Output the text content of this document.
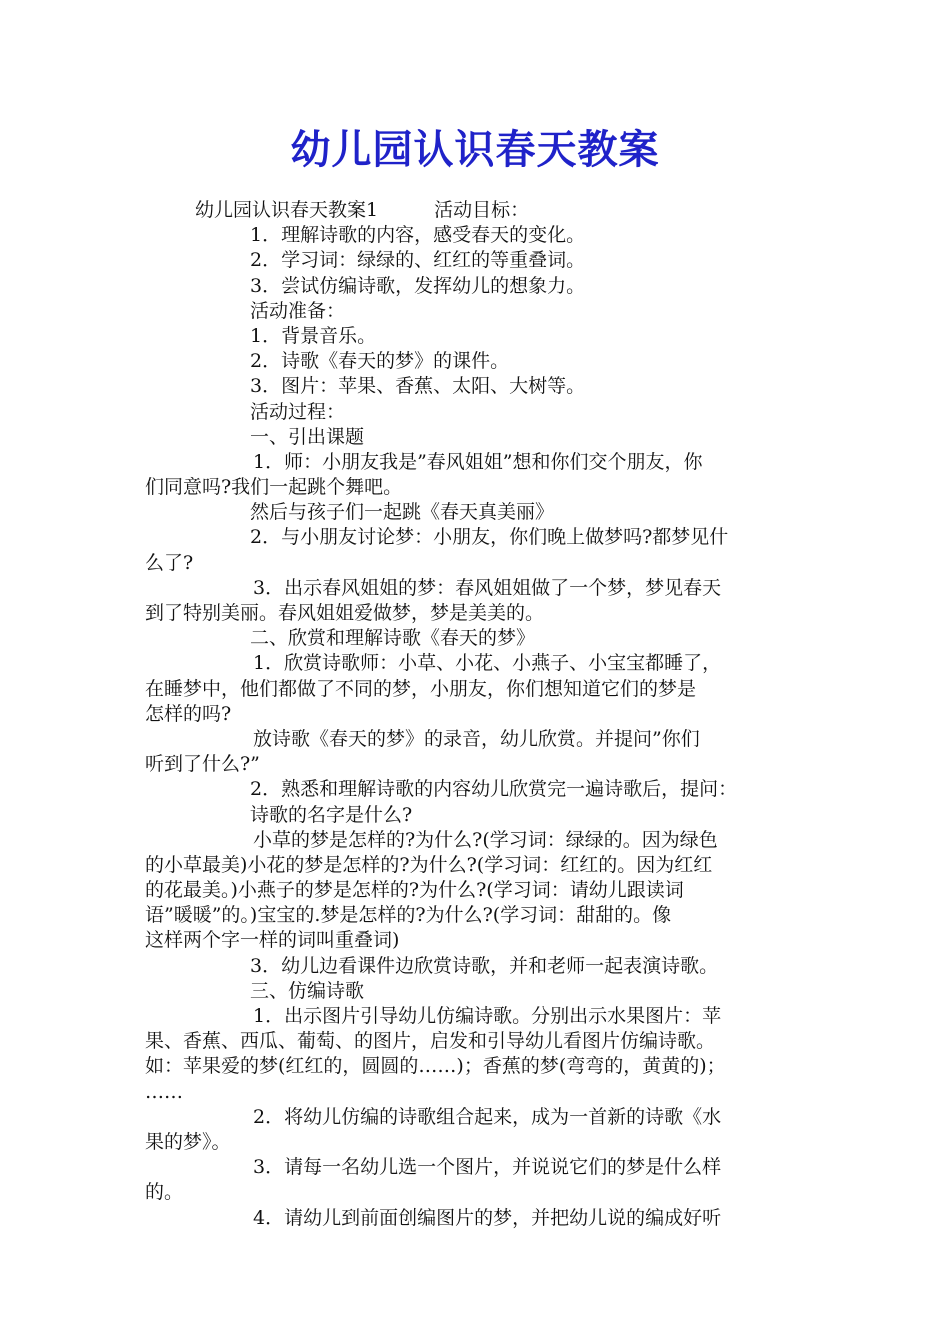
幼儿园认识春天教案
幼儿园认识春天教案1	活动目标：
1．理解诗歌的内容，感受春天的变化。
2．学习词：绿绿的、红红的等重叠词。
3．尝试仿编诗歌，发挥幼儿的想象力。
活动准备：
1．背景音乐。
2．诗歌《春天的梦》的课件。
3．图片：苹果、香蕉、太阳、大树等。
活动过程：
一、引出课题
1．师：小朋友我是”春风姐姐”想和你们交个朋友，你
们同意吗?我们一起跳个舞吧。
然后与孩子们一起跳《春天真美丽》
2．与小朋友讨论梦：小朋友，你们晚上做梦吗?都梦见什
么了?
3．出示春风姐姐的梦：春风姐姐做了一个梦，梦见春天
到了特别美丽。春风姐姐爱做梦，梦是美美的。
二、欣赏和理解诗歌《春天的梦》
1．欣赏诗歌师：小草、小花、小燕子、小宝宝都睡了，
在睡梦中，他们都做了不同的梦，小朋友，你们想知道它们的梦是
怎样的吗?
放诗歌《春天的梦》的录音，幼儿欣赏。并提问”你们
听到了什么?”
2．熟悉和理解诗歌的内容幼儿欣赏完一遍诗歌后，提问：
诗歌的名字是什么?
小草的梦是怎样的?为什么?(学习词：绿绿的。因为绿色
的小草最美)小花的梦是怎样的?为什么?(学习词：红红的。因为红红
的花最美。)小燕子的梦是怎样的?为什么?(学习词：请幼儿跟读词
语”暖暖”的。)宝宝的.梦是怎样的?为什么?(学习词：甜甜的。像
这样两个字一样的词叫重叠词)
3．幼儿边看课件边欣赏诗歌，并和老师一起表演诗歌。
三、仿编诗歌
1．出示图片引导幼儿仿编诗歌。分别出示水果图片：苹
果、香蕉、西瓜、葡萄、的图片，启发和引导幼儿看图片仿编诗歌。
如：苹果爱的梦(红红的，圆圆的……)；香蕉的梦(弯弯的，黄黄的)；
……
2．将幼儿仿编的诗歌组合起来，成为一首新的诗歌《水
果的梦》。
3．请每一名幼儿选一个图片，并说说它们的梦是什么样
的。
4．请幼儿到前面创编图片的梦，并把幼儿说的编成好听
